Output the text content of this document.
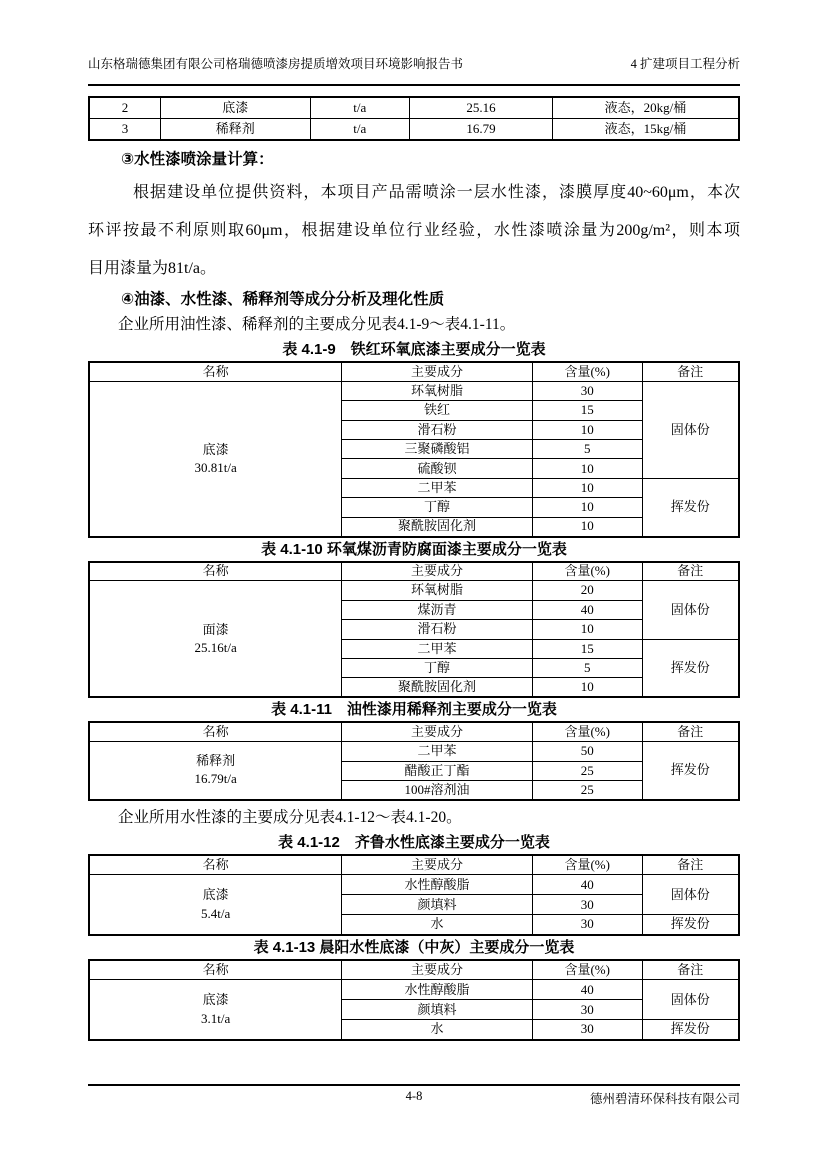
山东格瑞德集团有限公司格瑞德喷漆房提质增效项目环境影响报告书	4 扩建项目工程分析
2	底漆	t/a	25.16	液态，20kg/桶
3	稀释剂	t/a	16.79	液态，15kg/桶
③水性漆喷涂量计算：
根据建设单位提供资料，本项目产品需喷涂一层水性漆，漆膜厚度40~60μm，本次
环评按最不利原则取60μm，根据建设单位行业经验，水性漆喷涂量为200g/m²，则本项
目用漆量为81t/a。
④油漆、水性漆、稀释剂等成分分析及理化性质

企业所用油性漆、稀释剂的主要成分见表4.1-9～表4.1-11。

表 4.1-9　铁红环氧底漆主要成分一览表
名称	主要成分	含量(%)	备注

底漆
30.81t/a	环氧树脂	30	固体份
	铁红	15	
	滑石粉	10	
	三聚磷酸铝	5	
	硫酸钡	10	
	二甲苯	10	挥发份
	丁醇	10	
	聚酰胺固化剂	10	
表 4.1-10 环氧煤沥青防腐面漆主要成分一览表
名称	主要成分	含量(%)	备注

面漆
25.16t/a	环氧树脂	20	固体份
	煤沥青	40	
	滑石粉	10	
	二甲苯	15	挥发份
	丁醇	5	
	聚酰胺固化剂	10	
表 4.1-11　油性漆用稀释剂主要成分一览表
名称	主要成分	含量(%)	备注

稀释剂
16.79t/a	二甲苯	50	挥发份
	醋酸正丁酯	25	
	100#溶剂油	25	

企业所用水性漆的主要成分见表4.1-12～表4.1-20。

表 4.1-12　齐鲁水性底漆主要成分一览表
名称	主要成分	含量(%)	备注

底漆
5.4t/a	水性醇酸脂	40	固体份
	颜填料	30	
	水	30	挥发份
表 4.1-13 晨阳水性底漆（中灰）主要成分一览表
名称	主要成分	含量(%)	备注

底漆
3.1t/a	水性醇酸脂	40	固体份
	颜填料	30	
	水	30	挥发份
4-8	德州碧清环保科技有限公司
